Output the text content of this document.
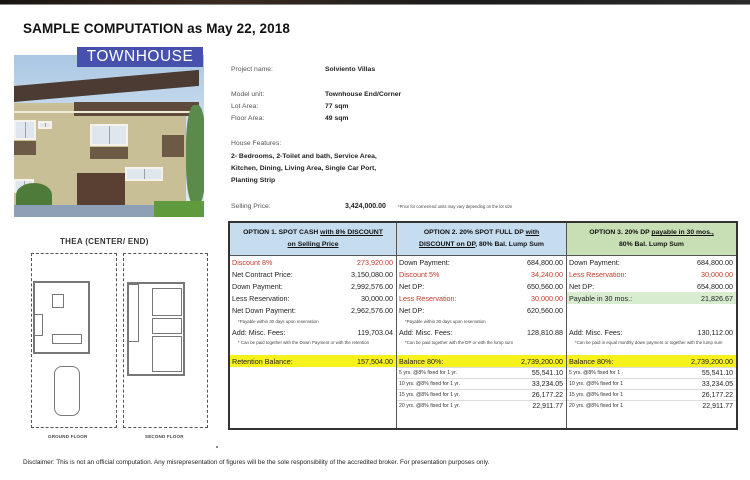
SAMPLE COMPUTATION as May 22, 2018
TOWNHOUSE
THEA (CENTER/ END)
GROUND FLOOR	SECOND FLOOR
Project name:	Solviento Villas
Model unit:	Townhouse End/Corner
Lot Area:	77 sqm
Floor Area:	49 sqm
House Features:
2- Bedrooms, 2-Toilet and bath, Service Area,
Kitchen, Dining, Living Area, Single Car Port,
Planting Strip
Selling Price:	3,424,000.00	*Price for corner/end units may vary depending on the lot size
OPTION 1. SPOT CASH with 8% DISCOUNT
on Selling Price
Discount 8%	273,920.00
Net Contract Price:	3,150,080.00
Down Payment:	2,992,576.00
Less Reservation:	30,000.00
Net Down Payment:	2,962,576.00
*Payable within 30 days upon reservation
Add: Misc. Fees:	119,703.04
* Can be paid together with the Down Payment or with the retention
Retention Balance:	157,504.00
OPTION 2. 20% SPOT FULL DP with
DISCOUNT on DP, 80% Bal. Lump Sum
Down Payment:	684,800.00
Discount 5%	34,240.00
Net DP:	650,560.00
Less Reservation:	30,000.00
Net DP:	620,560.00
*Payable within 30 days upon reservation
Add: Misc. Fees:	128,810.88
*Can be paid together with the DP or with the lump sum
Balance 80%:	2,739,200.00
5 yrs. @8% fixed for 1 yr.	55,541.10
10 yrs. @8% fixed for 1 yr.	33,234.05
15 yrs. @8% fixed for 1 yr.	26,177.22
20 yrs. @8% fixed for 1 yr.	22,911.77
OPTION 3. 20% DP payable in 30 mos.,
80% Bal. Lump Sum
Down Payment:	684,800.00
Less Reservation:	30,000.00
Net DP:	654,800.00
Payable in 30 mos.:	21,826.67
Add: Misc. Fees:	130,112.00
*Can be paid in equal monthly down payment or together with the lump sum
Balance 80%:	2,739,200.00
5 yrs. @8% fixed for 1 ·	55,541.10
10 yrs. @8% fixed for 1	33,234.05
15 yrs. @8% fixed for 1	26,177.22
20 yrs. @8% fixed for 1	22,911.77
Disclaimer: This is not an official computation. Any misrepresentation of figures will be the sole responsibility of the accredited broker. For presentation purposes only.
